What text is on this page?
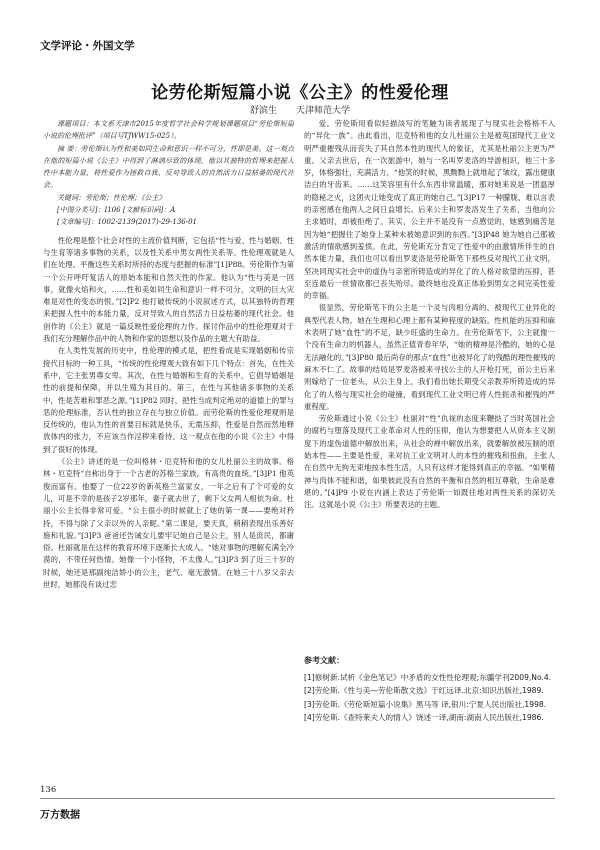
文学评论・外国文学
论劳伦斯短篇小说《公主》的性爱伦理
舒滨生 天津师范大学

课题项目：本文系天津市2015年度哲学社会科学规划课题项目“劳伦斯短篇小说的伦理批评”（项目号TJWW15-025）。

摘 要：劳伦斯认为性和美如同生命和意识一样不可分，性即是美。这一观点在他的短篇小说《公主》中得到了淋漓尽致的体现。他以其独特的哲理来把握人性中本能力量，将性爱作为拯救自我、反对导致人的自然活力日益枯萎的现代社会。

关键词：劳伦斯；性伦理；《公主》

[中图分类号]：I106 [文献标识码]：A

[文章编号]：1002-2139(2017)-29-136-01

性伦理是整个社会对性的主流价值判断，它包括“性与爱、性与婚姻、性与生育等诸多事物的关系，以及性关系中男女两性关系等。性伦理观就是人们在处理、平衡这些关系时所持的态度与把握的标准”[1]P88。劳伦斯作为第一个公开呼吁复活人的原始本能和自然天性的作家。他认为“性与美是一回事，就像火焰和火，……性和美如同生命和意识一样不可分，文明的巨大灾难是对性的变态的恨。”[2]P2 他打破传统的小说叙述方式，以其独特的哲理来把握人性中的本能力量，反对导致人的自然活力日益枯萎的现代社会。他创作的《公主》就是一篇反映性爱伦理的力作。探讨作品中的性伦理观对于我们充分理解作品中的人物和作家的思想以及作品的主题大有助益。

在人类性发展的历史中，性伦理的模式是，把性看成是实现婚姻和传宗接代目标的一种工具，“传统的性伦理观大致有如下几个特点：首先，在性关系中，它主张男尊女卑。其次，在性与婚姻和生育的关系中，它倡导婚姻是性的前提和保障，并以生殖为其目的。第三，在性与其他诸多事物的关系中，性是苦难和罪恶之源。”[1]P82 同时，把性当成判定绝对的道德上的罪与恶的伦理标准，否认性的独立存在与独立价值。而劳伦斯的性爱伦理观则是反传统的，他认为性的首要目标就是快乐，无需压抑，性爱是自然而然地释放体内的张力，不应该当作淫秽来看待。这一观点在他的小说《公主》中得到了很好的体现。

《公主》讲述的是一位叫格林・厄克特和他的女儿杜丽公主的故事。格林・厄克特“自称出身于一个古老的苏格兰家族，有高贵的血统。”[3]P1 他英俊而富有。他娶了一位22岁的新英格兰富家女，一年之后有了个可爱的女儿，可是不幸的是孩子2岁那年，妻子就去世了，剩下父女两人相依为命。杜丽小公主长得非常可爱。“公主很小的时候就上了她的第一课——要绝对矜持，不得与除了父亲以外的人亲昵。”第二课是，要天真，稍稍表现出乐善好施和礼貌。”[3]P3 爸爸还告诫女儿要牢记她自己是公主，别人是庶民，都庸俗。杜丽就是在这样的教育环境下逐渐长大成人。“她对事物的理解充满全冷漠的，不带任何热情。她像一个小怪物，不太像人。”[3]P3 到了近三十岁的时候，她还是那副纯洁娇小的公主，老气、毫无激情。在她三十八岁父亲去世时，她都没有谈过恋

爱。劳伦斯用看似轻描淡写的笔触为读者展现了与现实社会格格不入的“异化一族”。由此看出，厄克特和他的女儿杜丽公主是被英国现代工业文明严重摧残从而丧失了其自然本性的现代人的象征，尤其是杜丽公主更为严重。父亲去世后，在一次旅游中，她与一名叫罗麦洛的导游相识，他三十多岁，体格强壮，充满活力。“他笑的时候，黑黝黝上就堆起了皱纹，露出健康洁白的牙齿来。……这笑容里有什么东西非常温暖，那对她来说是一团温厚的隐秘之火，这团火让她变成了真正的她自己。”[3]P17 一种朦胧、难以言表的亲密感在他两人之间日益增长。后来公主和罗麦洛发生了关系，当他向公主求婚时，却被拒绝了。其实，公主并不是没有一点感觉的，她感到痛苦是因为她“把握住了她身上某种未被她意识到的东西。”[3]P48 她为她自己那被激活的情欲感到羞愤。在此，劳伦斯充分肯定了性爱中的由激情所伴生的自然本能力量，我们也可以看出罗麦洛是劳伦斯笔下那些反对现代工业文明，坚决同现实社会中的虚伪与亲密所铸造成的异化了的人格对欲望的压抑，甚至连最后一丝情欲都已丧失殆尽。最终她也没真正体验到男女之间完美性爱的幸福。

很显然，劳伦斯笔下的公主是一个灵与肉相分离的、被现代工业异化的典型代表人物。她在生理和心理上都有某种程度的缺陷。性机能的压抑和麻木表明了她“血性”的不足，缺少旺盛的生命力。在劳伦斯笔下，公主就像一个没有生命力的机器人，虽然正值青春年华，“她的精神是冷酷的，她的心是无法融化的。”[3]P80 最后尚存的那点“血性”也被异化了的残酷的理性摧残的麻木不仁了。故事的结局是罗麦洛被来寻找公主的人开枪打死，而公主后来则嫁给了一位老头，从公主身上，我们看出她长期受父亲教养所铸造成的异化了的人格与现实社会的碰撞，看到现代工业文明已将人性扼杀和摧残的严重程度。

劳伦斯通过小说《公主》杜丽对“性”仇视的态度来鞭挞了当时英国社会的腐朽与堕落及现代工业革命对人性的压抑，他认为想要把人从资本主义制度下的虚伪道德中解放出来，从社会的禅中解放出来，就要解放被压制的原始本性——主要是性爱，来对抗工业文明对人的本性的摧残和扭曲，主张人在自然中无拘无束地按本性生活，人只有这样才能得到真正的幸福。“如果精神与肉体不能和谐，如果彼此没有自然的平衡和自然的相互尊敬，生命是难堪的。”[4]P9 小说在内涵上表达了劳伦斯一如既往地对两性关系的深切关注。这就是小说《公主》所要表达的主题。

参考文献：
[1]修树新.试析《金色笔记》中矛盾的女性性伦理观;东疆学刊2009,No.4.
[2]劳伦斯.《性与美—劳伦斯散文选》于红远译.北京:知识出版社,1989.
[3]劳伦斯.《劳伦斯短篇小说集》黑马等 译,银川:宁夏人民出版社,1998.
[4]劳伦斯.《查特莱夫人的情人》饶述一译,湖南:湖南人民出版社,1986.
136
万方数据
